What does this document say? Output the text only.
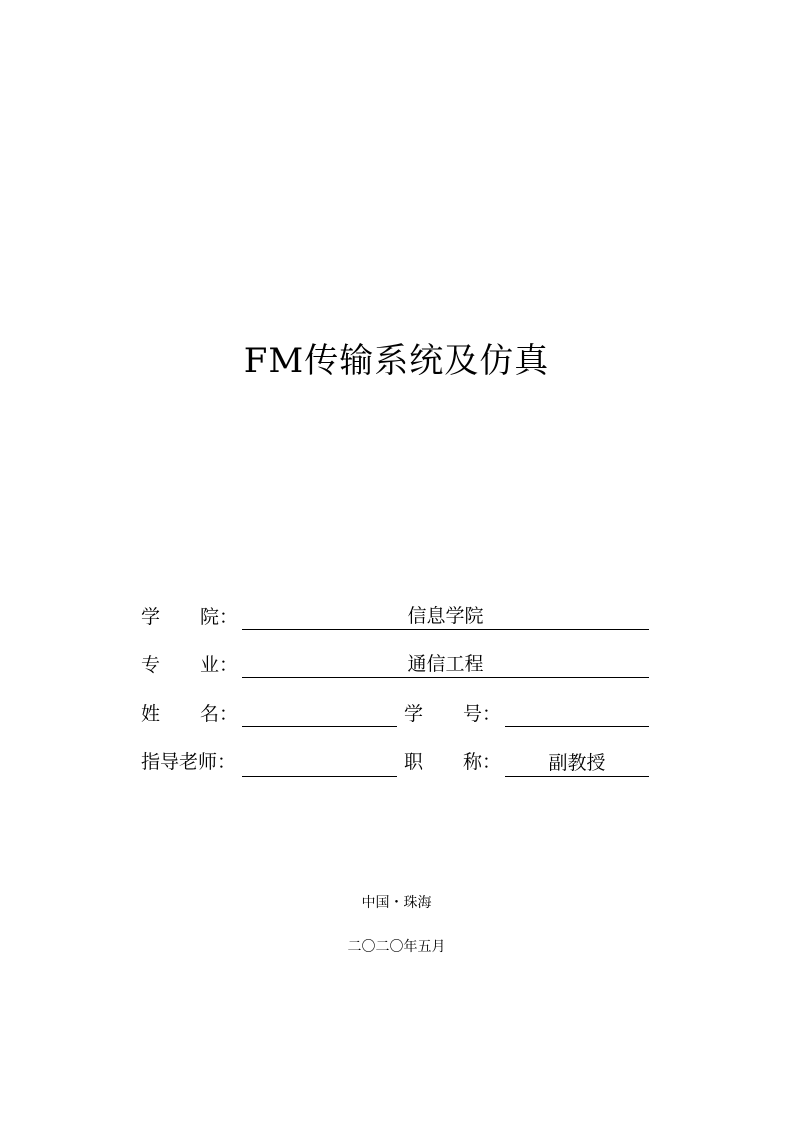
FM传输系统及仿真
学 院：	信息学院
专 业：	通信工程
姓 名：	学 号：
指导老师：	职 称：	副教授
中国・珠海
二〇二〇年五月
